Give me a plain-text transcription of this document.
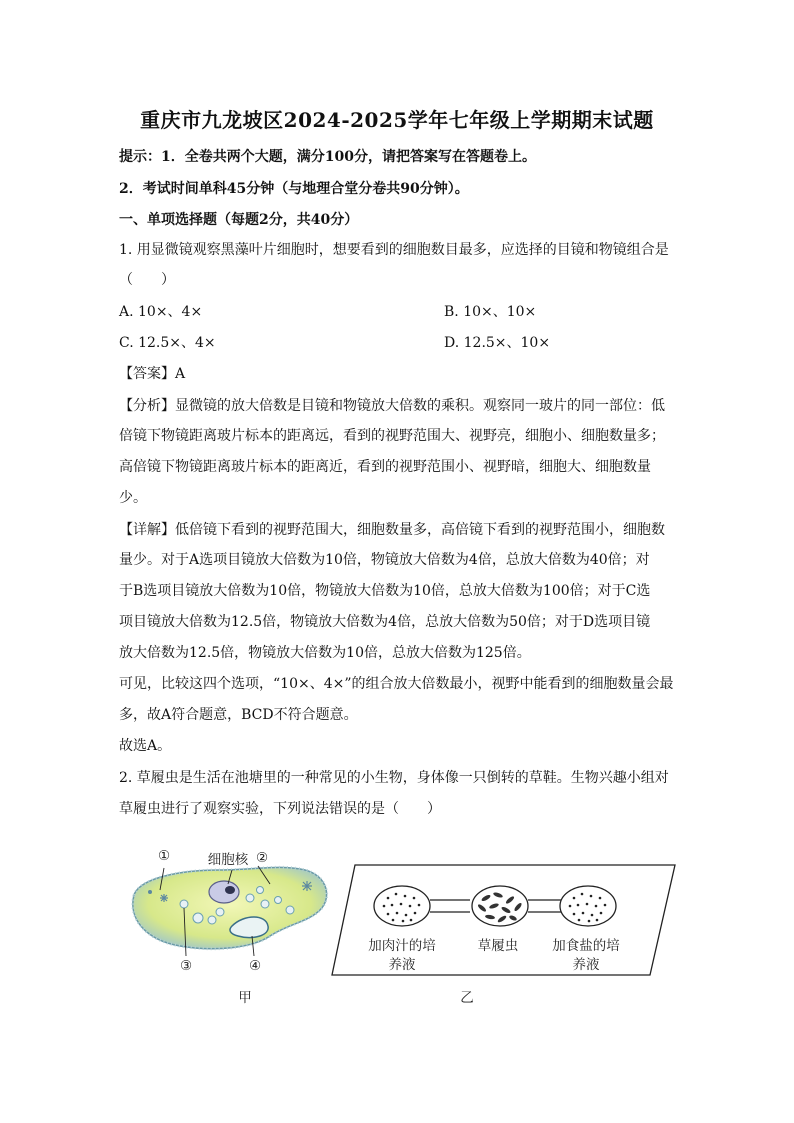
重庆市九龙坡区2024-2025学年七年级上学期期末试题
提示：1．全卷共两个大题，满分100分，请把答案写在答题卷上。
2．考试时间单科45分钟（与地理合堂分卷共90分钟）。
一、单项选择题（每题2分，共40分）
1. 用显微镜观察黑藻叶片细胞时，想要看到的细胞数目最多，应选择的目镜和物镜组合是
（　　）
A. 10×、4×	B. 10×、10×
C. 12.5×、4×	D. 12.5×、10×
【答案】A
【分析】显微镜的放大倍数是目镜和物镜放大倍数的乘积。观察同一玻片的同一部位：低
倍镜下物镜距离玻片标本的距离远，看到的视野范围大、视野亮，细胞小、细胞数量多；
高倍镜下物镜距离玻片标本的距离近，看到的视野范围小、视野暗，细胞大、细胞数量
少。
【详解】低倍镜下看到的视野范围大，细胞数量多，高倍镜下看到的视野范围小，细胞数
量少。对于A选项目镜放大倍数为10倍，物镜放大倍数为4倍，总放大倍数为40倍；对
于B选项目镜放大倍数为10倍，物镜放大倍数为10倍，总放大倍数为100倍；对于C选
项目镜放大倍数为12.5倍，物镜放大倍数为4倍，总放大倍数为50倍；对于D选项目镜
放大倍数为12.5倍，物镜放大倍数为10倍，总放大倍数为125倍。
可见，比较这四个选项，“10×、4×”的组合放大倍数最小，视野中能看到的细胞数量会最
多，故A符合题意，BCD不符合题意。
故选A。
2. 草履虫是生活在池塘里的一种常见的小生物，身体像一只倒转的草鞋。生物兴趣小组对
草履虫进行了观察实验，下列说法错误的是（　　）
①	细胞核 ②
③	④
甲
加肉汁的培
养液
草履虫	加食盐的培
养液
乙
